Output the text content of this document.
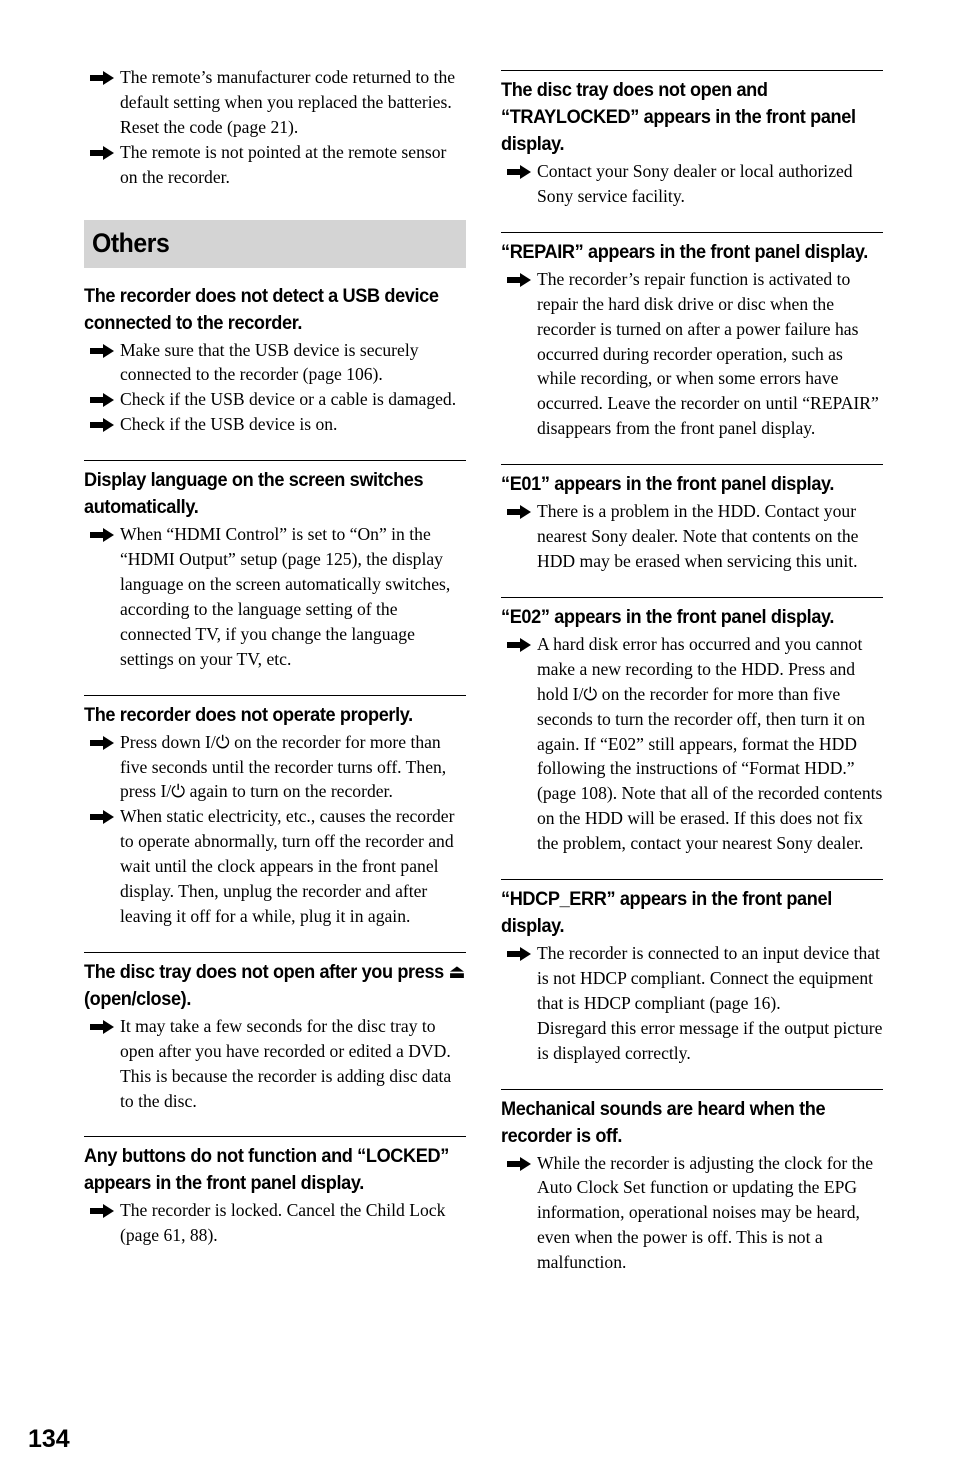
The remote’s manufacturer code returned to the default setting when you replaced the batteries. Reset the code (page 21).
The remote is not pointed at the remote sensor on the recorder.
Others
The recorder does not detect a USB device connected to the recorder.
Make sure that the USB device is securely connected to the recorder (page 106).
Check if the USB device or a cable is damaged.
Check if the USB device is on.
Display language on the screen switches automatically.
When “HDMI Control” is set to “On” in the “HDMI Output” setup (page 125), the display language on the screen automatically switches, according to the language setting of the connected TV, if you change the language settings on your TV, etc.
The recorder does not operate properly.
Press down I/⏻ on the recorder for more than five seconds until the recorder turns off. Then, press I/⏻ again to turn on the recorder.
When static electricity, etc., causes the recorder to operate abnormally, turn off the recorder and wait until the clock appears in the front panel display. Then, unplug the recorder and after leaving it off for a while, plug it in again.
The disc tray does not open after you press ⏏ (open/close).
It may take a few seconds for the disc tray to open after you have recorded or edited a DVD. This is because the recorder is adding disc data to the disc.
Any buttons do not function and “LOCKED” appears in the front panel display.
The recorder is locked. Cancel the Child Lock (page 61, 88).
The disc tray does not open and “TRAYLOCKED” appears in the front panel display.

Contact your Sony dealer or local authorized Sony service facility.

“REPAIR” appears in the front panel display.

The recorder’s repair function is activated to repair the hard disk drive or disc when the recorder is turned on after a power failure has occurred during recorder operation, such as while recording, or when some errors have occurred. Leave the recorder on until “REPAIR” disappears from the front panel display.

“E01” appears in the front panel display.

There is a problem in the HDD. Contact your nearest Sony dealer. Note that contents on the HDD may be erased when servicing this unit.

“E02” appears in the front panel display.

A hard disk error has occurred and you cannot make a new recording to the HDD. Press and hold I/⏻ on the recorder for more than five seconds to turn the recorder off, then turn it on again. If “E02” still appears, format the HDD following the instructions of “Format HDD.” (page 108). Note that all of the recorded contents on the HDD will be erased. If this does not fix the problem, contact your nearest Sony dealer.

“HDCP_ERR” appears in the front panel display.

The recorder is connected to an input device that is not HDCP compliant. Connect the equipment that is HDCP compliant (page 16).

Disregard this error message if the output picture is displayed correctly.

Mechanical sounds are heard when the recorder is off.

While the recorder is adjusting the clock for the Auto Clock Set function or updating the EPG information, operational noises may be heard, even when the power is off. This is not a malfunction.

134
